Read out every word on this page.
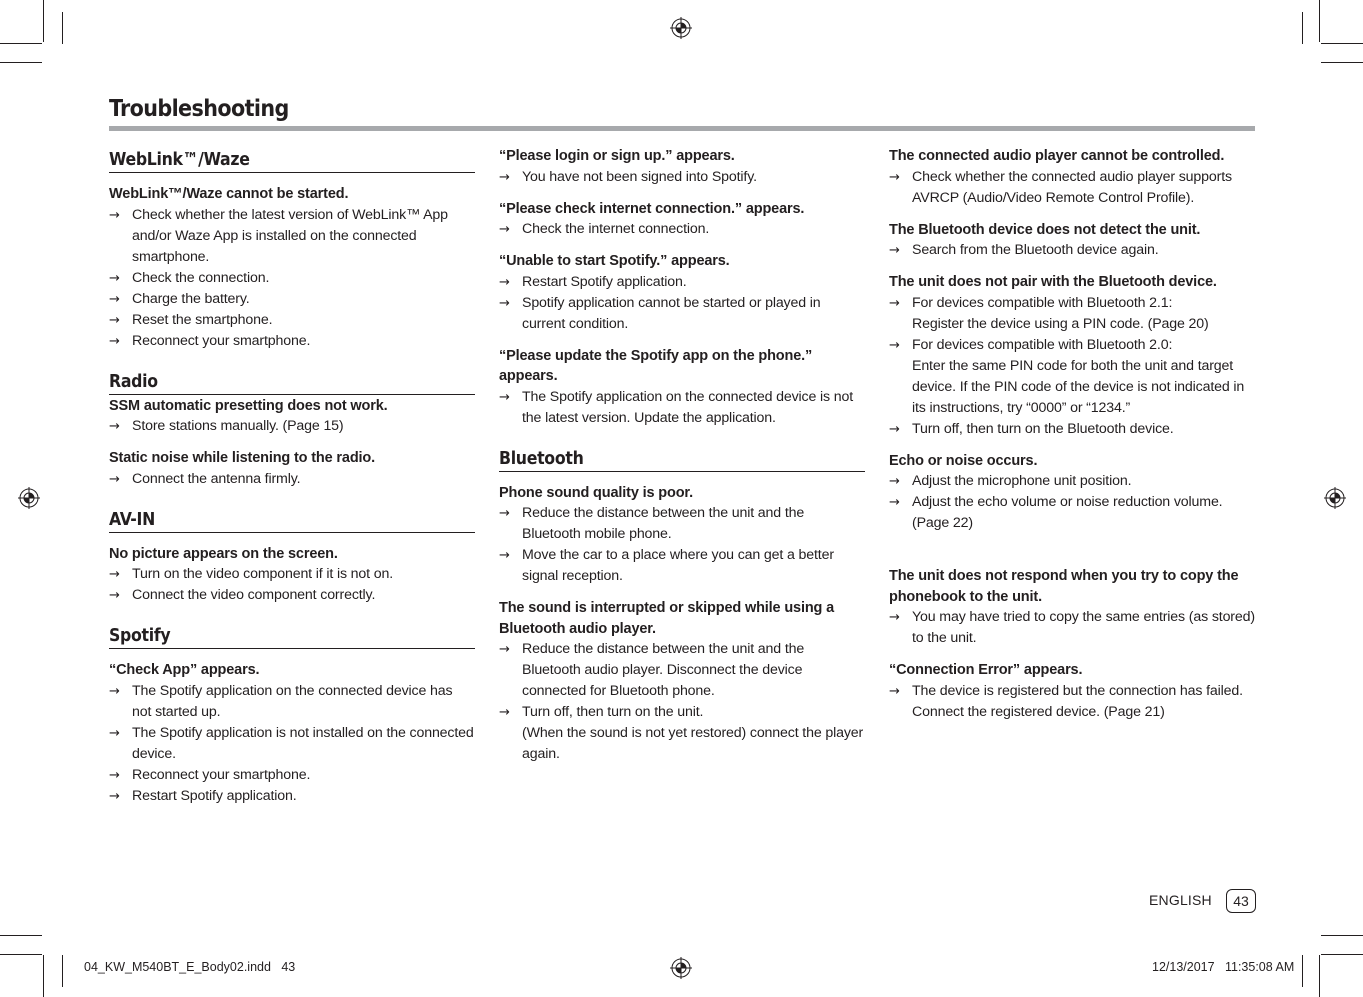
Troubleshooting
WebLink™/Waze
WebLink™/Waze cannot be started.
→ Check whether the latest version of WebLink™ App and/or Waze App is installed on the connected smartphone.
→ Check the connection.
→ Charge the battery.
→ Reset the smartphone.
→ Reconnect your smartphone.
Radio
SSM automatic presetting does not work.
→ Store stations manually. (Page 15)
Static noise while listening to the radio.
→ Connect the antenna firmly.
AV-IN
No picture appears on the screen.
→ Turn on the video component if it is not on.
→ Connect the video component correctly.
Spotify
“Check App” appears.
→ The Spotify application on the connected device has not started up.
→ The Spotify application is not installed on the connected device.
→ Reconnect your smartphone.
→ Restart Spotify application.
“Please login or sign up.” appears.
→ You have not been signed into Spotify.
“Please check internet connection.” appears.
→ Check the internet connection.
“Unable to start Spotify.” appears.
→ Restart Spotify application.
→ Spotify application cannot be started or played in current condition.
“Please update the Spotify app on the phone.” appears.
→ The Spotify application on the connected device is not the latest version. Update the application.
Bluetooth
Phone sound quality is poor.
→ Reduce the distance between the unit and the Bluetooth mobile phone.
→ Move the car to a place where you can get a better signal reception.
The sound is interrupted or skipped while using a Bluetooth audio player.
→ Reduce the distance between the unit and the Bluetooth audio player. Disconnect the device connected for Bluetooth phone.
→ Turn off, then turn on the unit.
(When the sound is not yet restored) connect the player again.
The connected audio player cannot be controlled.
→ Check whether the connected audio player supports AVRCP (Audio/Video Remote Control Profile).
The Bluetooth device does not detect the unit.
→ Search from the Bluetooth device again.
The unit does not pair with the Bluetooth device.
→ For devices compatible with Bluetooth 2.1:
Register the device using a PIN code. (Page 20)
→ For devices compatible with Bluetooth 2.0:
Enter the same PIN code for both the unit and target device. If the PIN code of the device is not indicated in its instructions, try “0000” or “1234.”
→ Turn off, then turn on the Bluetooth device.
Echo or noise occurs.
→ Adjust the microphone unit position.
→ Adjust the echo volume or noise reduction volume. (Page 22)
The unit does not respond when you try to copy the phonebook to the unit.
→ You may have tried to copy the same entries (as stored) to the unit.
“Connection Error” appears.
→ The device is registered but the connection has failed. Connect the registered device. (Page 21)
ENGLISH	43
04_KW_M540BT_E_Body02.indd   43	12/13/2017   11:35:08 AM
